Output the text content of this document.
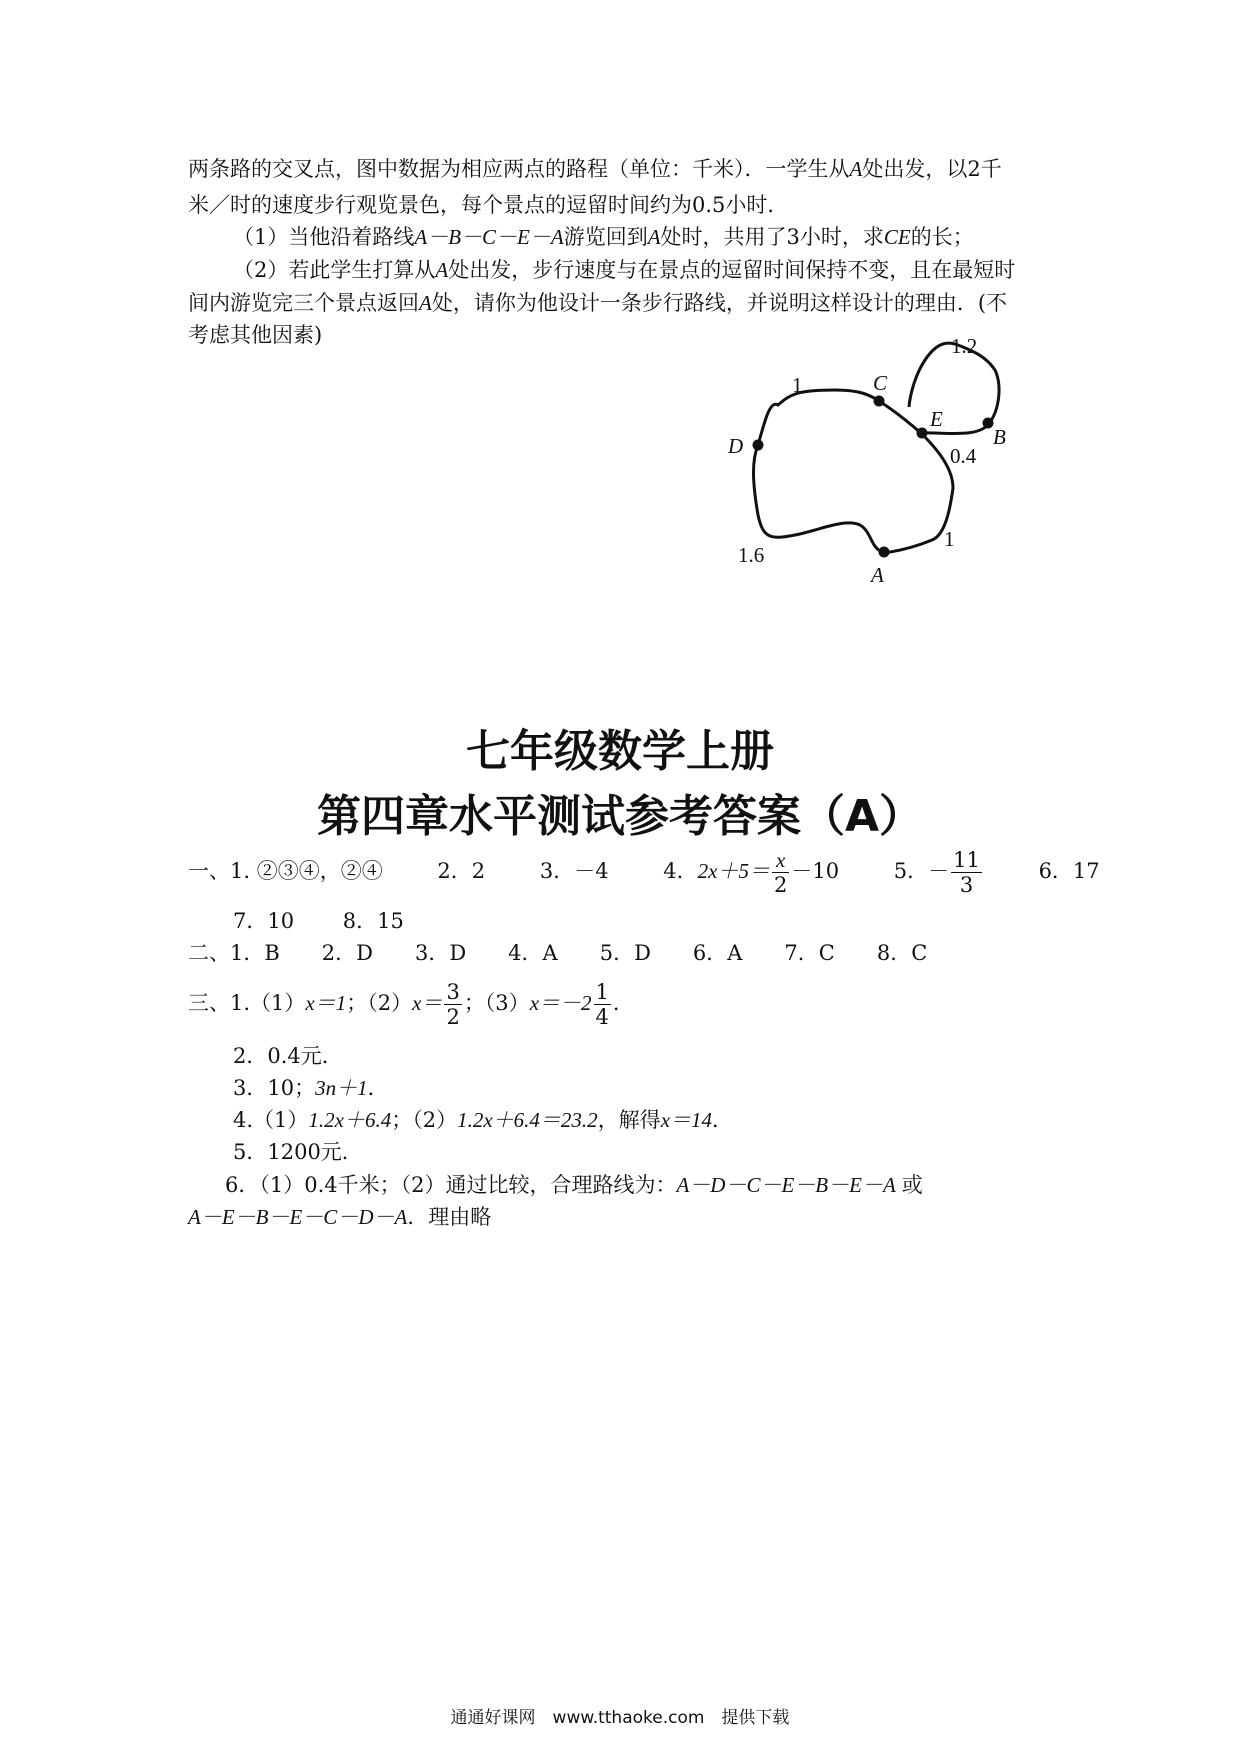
两条路的交叉点，图中数据为相应两点的路程（单位：千米）．一学生从A处出发，以2千
米／时的速度步行观览景色，每个景点的逗留时间约为0.5小时．
（1）当他沿着路线A－B－C－E－A游览回到A处时，共用了3小时，求CE的长；
（2）若此学生打算从A处出发，步行速度与在景点的逗留时间保持不变，且在最短时
间内游览完三个景点返回A处，请你为他设计一条步行路线，并说明这样设计的理由．(不
考虑其他因素)
C
E
B
D
A
1
1.2
0.4
1
1.6
七年级数学上册
第四章水平测试参考答案（A）
一、1. ②③④，②④	2．2	3．－4	4．$2x+5= \frac{x}{2} -10$	5．－ $\frac{11}{3}$	6．17
7．10 8．15
二、1．B　　2．D　　3．D　　4．A　　5．D　　6．A　　7．C　　8．C
三、1.（1）x＝1；$(2)x= \frac{3}{2}$ ；$(3)x=-2 \frac{1}{4}$ ．
2．0.4元．
3．10；3n＋1．
4.（1）1.2x＋6.4；（2）1.2x＋6.4＝23.2，解得x＝14．
5．1200元．
6．（1）0.4千米；（2）通过比较，合理路线为：A－D－C－E－B－E－A 或
A－E－B－E－C－D－A．理由略
通通好课网　www.tthaoke.com　提供下载
